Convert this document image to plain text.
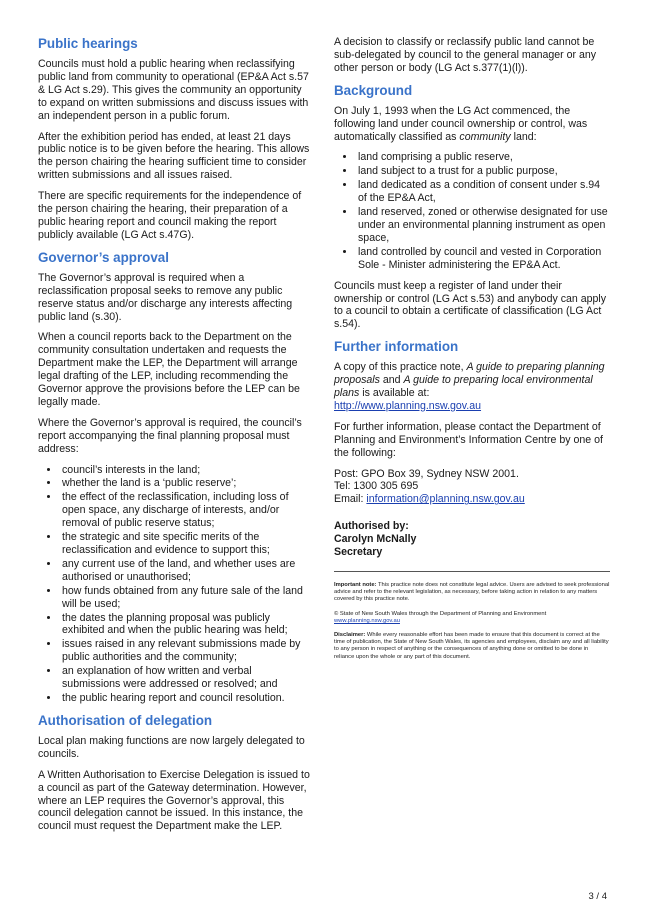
Public hearings

Councils must hold a public hearing when reclassifying public land from community to operational (EP&A Act s.57 & LG Act s.29). This gives the community an opportunity to expand on written submissions and discuss issues with an independent person in a public forum.

After the exhibition period has ended, at least 21 days public notice is to be given before the hearing. This allows the person chairing the hearing sufficient time to consider written submissions and all issues raised.

There are specific requirements for the independence of the person chairing the hearing, their preparation of a public hearing report and council making the report publicly available (LG Act s.47G).

Governor’s approval

The Governor’s approval is required when a reclassification proposal seeks to remove any public reserve status and/or discharge any interests affecting public land (s.30).

When a council reports back to the Department on the community consultation undertaken and requests the Department make the LEP, the Department will arrange legal drafting of the LEP, including recommending the Governor approve the provisions before the LEP can be legally made.

Where the Governor’s approval is required, the council’s report accompanying the final planning proposal must address:

• council’s interests in the land;
• whether the land is a ‘public reserve’;
• the effect of the reclassification, including loss of open space, any discharge of interests, and/or removal of public reserve status;
• the strategic and site specific merits of the reclassification and evidence to support this;
• any current use of the land, and whether uses are authorised or unauthorised;
• how funds obtained from any future sale of the land will be used;
• the dates the planning proposal was publicly exhibited and when the public hearing was held;
• issues raised in any relevant submissions made by public authorities and the community;
• an explanation of how written and verbal submissions were addressed or resolved; and
• the public hearing report and council resolution.
Authorisation of delegation

Local plan making functions are now largely delegated to councils.

A Written Authorisation to Exercise Delegation is issued to a council as part of the Gateway determination. However, where an LEP requires the Governor’s approval, this council delegation cannot be issued. In this instance, the council must request the Department make the LEP.

A decision to classify or reclassify public land cannot be sub-delegated by council to the general manager or any other person or body (LG Act s.377(1)(l)).

Background

On July 1, 1993 when the LG Act commenced, the following land under council ownership or control, was automatically classified as community land:

• land comprising a public reserve,
• land subject to a trust for a public purpose,
• land dedicated as a condition of consent under s.94 of the EP&A Act,
• land reserved, zoned or otherwise designated for use under an environmental planning instrument as open space,
• land controlled by council and vested in Corporation Sole - Minister administering the EP&A Act.

Councils must keep a register of land under their ownership or control (LG Act s.53) and anybody can apply to a council to obtain a certificate of classification (LG Act s.54).

Further information

A copy of this practice note, A guide to preparing planning proposals and A guide to preparing local environmental plans is available at:
http://www.planning.nsw.gov.au

For further information, please contact the Department of Planning and Environment’s Information Centre by one of the following:

Post: GPO Box 39, Sydney NSW 2001.
Tel: 1300 305 695
Email: information@planning.nsw.gov.au

Authorised by:
Carolyn McNally
Secretary

Important note: This practice note does not constitute legal advice. Users are advised to seek professional advice and refer to the relevant legislation, as necessary, before taking action in relation to any matters covered by this practice note.

© State of New South Wales through the Department of Planning and Environment
www.planning.nsw.gov.au

Disclaimer: While every reasonable effort has been made to ensure that this document is correct at the time of publication, the State of New South Wales, its agencies and employees, disclaim any and all liability to any person in respect of anything or the consequences of anything done or omitted to be done in reliance upon the whole or any part of this document.

3 / 4
